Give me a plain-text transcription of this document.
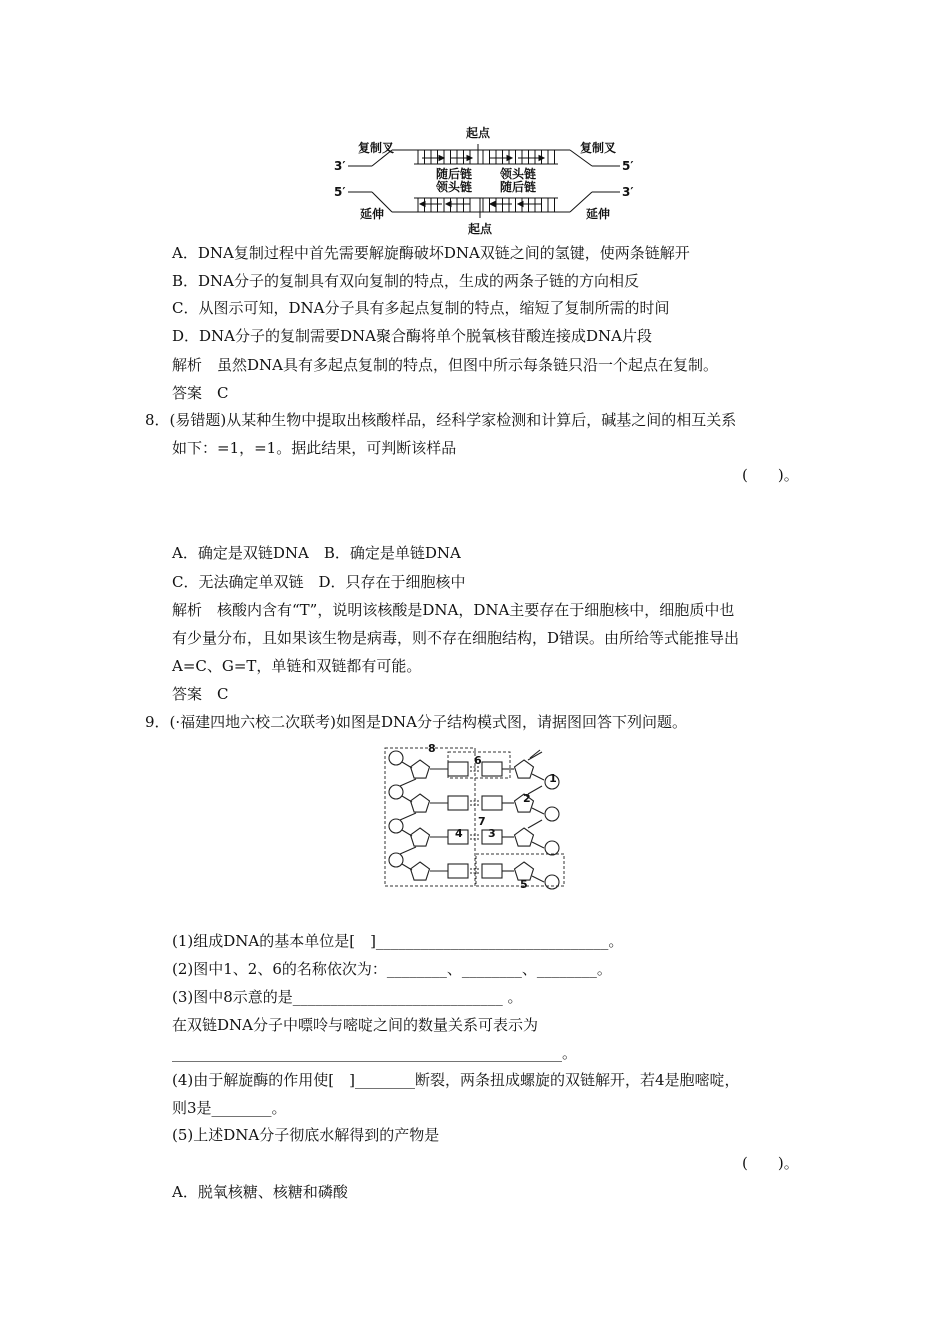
起点
起点
复制叉	复制叉
延伸	延伸
随后链 领头链
领头链 随后链
3′	5′
5′	3′
A．DNA复制过程中首先需要解旋酶破坏DNA双链之间的氢键，使两条链解开
B．DNA分子的复制具有双向复制的特点，生成的两条子链的方向相反
C．从图示可知，DNA分子具有多起点复制的特点，缩短了复制所需的时间
D．DNA分子的复制需要DNA聚合酶将单个脱氧核苷酸连接成DNA片段
解析　虽然DNA具有多起点复制的特点，但图中所示每条链只沿一个起点在复制。
答案　C
8．(易错题)从某种生物中提取出核酸样品，经科学家检测和计算后，碱基之间的相互关系
如下：=1，=1。据此结果，可判断该样品
(　　)。
A．确定是双链DNA　B．确定是单链DNA
C．无法确定单双链　D．只存在于细胞核中
解析　核酸内含有“T”，说明该核酸是DNA，DNA主要存在于细胞核中，细胞质中也
有少量分布，且如果该生物是病毒，则不存在细胞结构，D错误。由所给等式能推导出
A=C、G=T，单链和双链都有可能。
答案　C
9．(·福建四地六校二次联考)如图是DNA分子结构模式图，请据图回答下列问题。
8
6
7
5
2
3
4
1
(1)组成DNA的基本单位是[　]_______________________________。
(2)图中1、2、6的名称依次为：________、________、________。
(3)图中8示意的是____________________________ 。
在双链DNA分子中嘌呤与嘧啶之间的数量关系可表示为
____________________________________________________。
(4)由于解旋酶的作用使[　]________断裂，两条扭成螺旋的双链解开，若4是胞嘧啶，
则3是________。
(5)上述DNA分子彻底水解得到的产物是
(　　)。
A．脱氧核糖、核糖和磷酸
